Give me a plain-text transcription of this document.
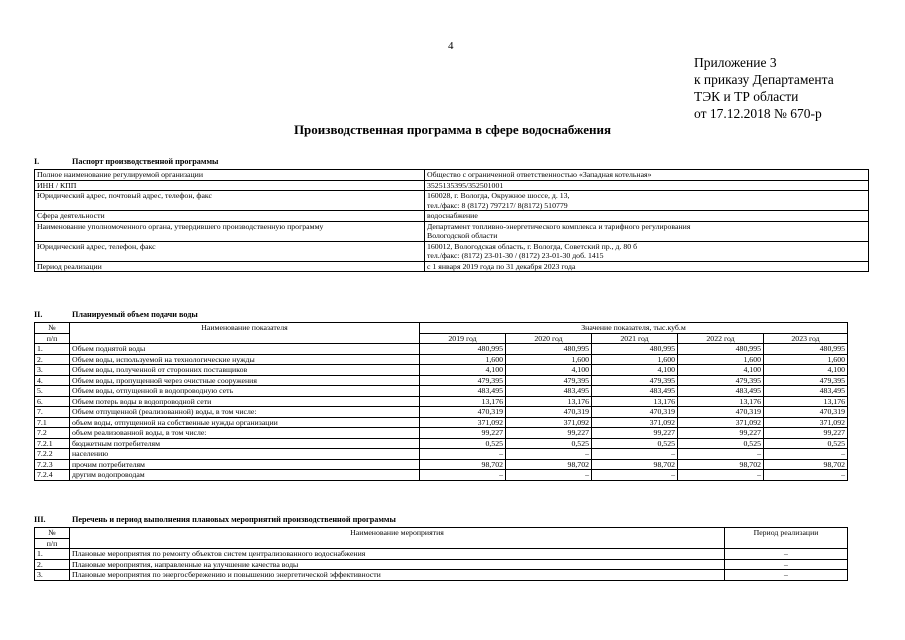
4
Приложение 3
к приказу Департамента
ТЭК и ТР области
от 17.12.2018 № 670-р
Производственная программа в сфере водоснабжения
I.	Паспорт производственной программы
Полное наименование регулируемой организации	Общество с ограниченной ответственностью «Западная котельная»

ИНН / КПП	3525135395/352501001

Юридический адрес, почтовый адрес, телефон, факс	160028, г. Вологда, Окружное шоссе, д. 13,
тел./факс: 8 (8172) 797217/ 8(8172) 510779

Сфера деятельности	водоснабжение

Наименование уполномоченного органа, утвердившего производственную программу	Департамент топливно-энергетического комплекса и тарифного регулирования
Вологодской области

Юридический адрес, телефон, факс	160012, Вологодская область, г. Вологда, Советский пр., д. 80 б
тел./факс: (8172) 23-01-30 / (8172) 23-01-30 доб. 1415

Период реализации	с 1 января 2019 года по 31 декабря 2023 года
II.	Планируемый объем подачи воды
№	Наименование показателя	Значение показателя, тыс.куб.м				
п/п		2019 год	2020 год	2021 год	2022 год	2023 год
1.	Объем поднятой воды	480,995	480,995	480,995	480,995	480,995
2.	Объем воды, используемой на технологические нужды	1,600	1,600	1,600	1,600	1,600
3.	Объем воды, полученной от сторонних поставщиков	4,100	4,100	4,100	4,100	4,100
4.	Объем воды, пропущенной через очистные сооружения	479,395	479,395	479,395	479,395	479,395
5.	Объем воды, отпущенной в водопроводную сеть	483,495	483,495	483,495	483,495	483,495
6.	Объем потерь воды в водопроводной сети	13,176	13,176	13,176	13,176	13,176
7.	Объем отпущенной (реализованной) воды, в том числе:	470,319	470,319	470,319	470,319	470,319
7.1	объем воды, отпущенной на собственные нужды организации	371,092	371,092	371,092	371,092	371,092
7.2	объем реализованной воды, в том числе:	99,227	99,227	99,227	99,227	99,227
7.2.1	бюджетным потребителям	0,525	0,525	0,525	0,525	0,525
7.2.2	населению	–	–	–	–	–
7.2.3	прочим потребителям	98,702	98,702	98,702	98,702	98,702
7.2.4	другим водопроводам	–	–	–	–	–
III.	Перечень и период выполнения плановых мероприятий производственной программы
№	Наименование мероприятия	Период реализации
п/п		
1.	Плановые мероприятия по ремонту объектов систем централизованного водоснабжения	–
2.	Плановые мероприятия, направленные на улучшение качества воды	–
3.	Плановые мероприятия по энергосбережению и повышению энергетической эффективности	–
